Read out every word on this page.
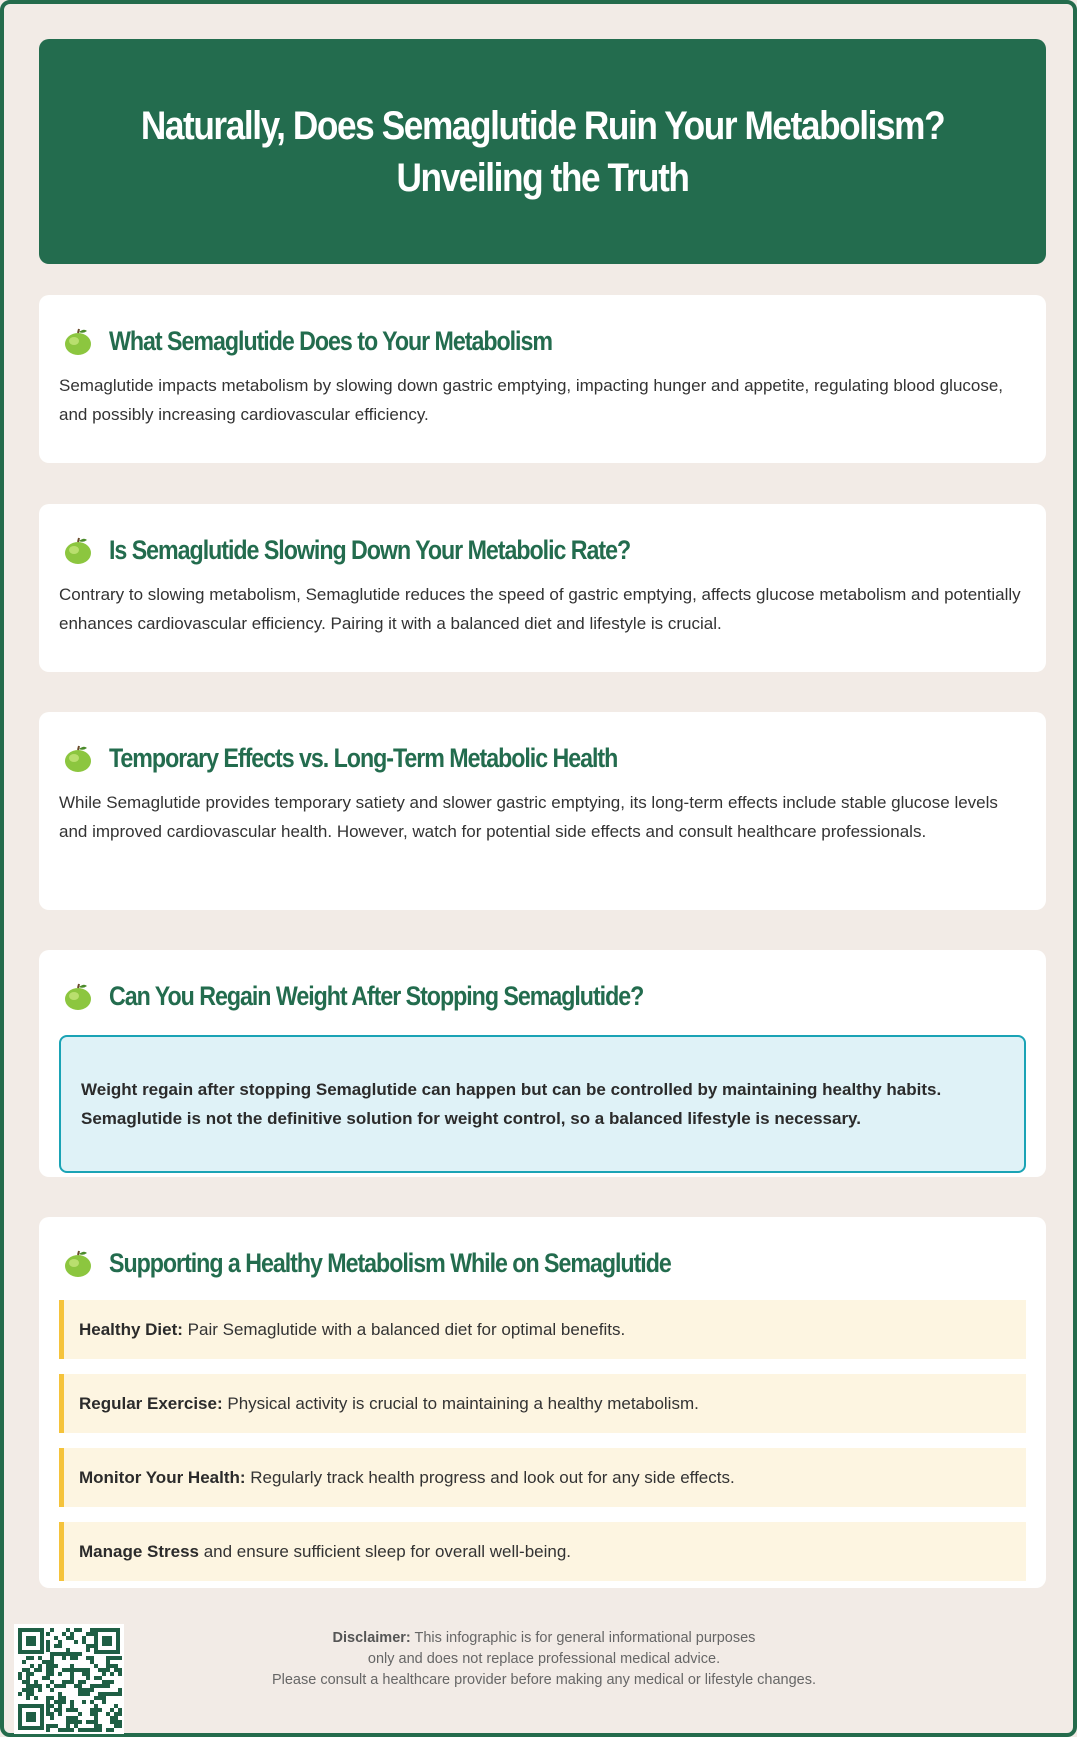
Naturally, Does Semaglutide Ruin Your Metabolism? Unveiling the Truth
What Semaglutide Does to Your Metabolism

Semaglutide impacts metabolism by slowing down gastric emptying, impacting hunger and appetite, regulating blood glucose, and possibly increasing cardiovascular efficiency.

Is Semaglutide Slowing Down Your Metabolic Rate?

Contrary to slowing metabolism, Semaglutide reduces the speed of gastric emptying, affects glucose metabolism and potentially enhances cardiovascular efficiency. Pairing it with a balanced diet and lifestyle is crucial.

Temporary Effects vs. Long-Term Metabolic Health

While Semaglutide provides temporary satiety and slower gastric emptying, its long-term effects include stable glucose levels and improved cardiovascular health. However, watch for potential side effects and consult healthcare professionals.

Can You Regain Weight After Stopping Semaglutide?
Weight regain after stopping Semaglutide can happen but can be controlled by maintaining healthy habits. Semaglutide is not the definitive solution for weight control, so a balanced lifestyle is necessary.
Supporting a Healthy Metabolism While on Semaglutide
Healthy Diet: Pair Semaglutide with a balanced diet for optimal benefits.
Regular Exercise: Physical activity is crucial to maintaining a healthy metabolism.
Monitor Your Health: Regularly track health progress and look out for any side effects.
Manage Stress and ensure sufficient sleep for overall well-being.
Disclaimer: This infographic is for general informational purposes
only and does not replace professional medical advice.
Please consult a healthcare provider before making any medical or lifestyle changes.
